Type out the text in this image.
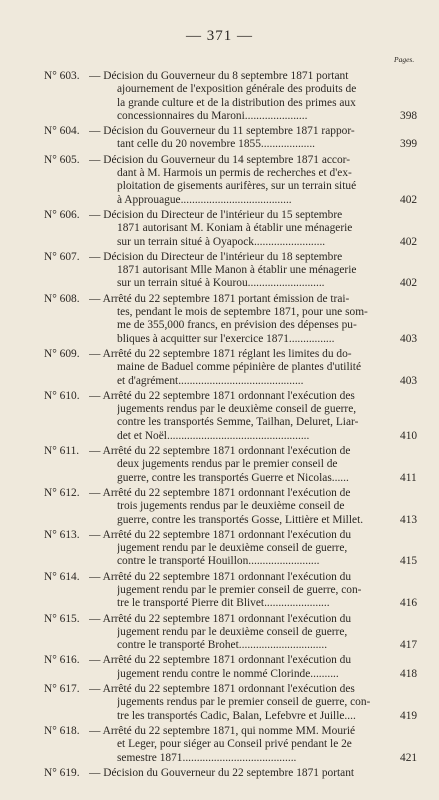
— 371 —
Pages.
N° 603. — Décision du Gouverneur du 8 septembre 1871 portant
ajournement de l'exposition générale des produits de
la grande culture et de la distribution des primes aux
concessionnaires du Maroni......................	398
N° 604. — Décision du Gouverneur du 11 septembre 1871 rappor-
tant celle du 20 novembre 1855...................	399
N° 605. — Décision du Gouverneur du 14 septembre 1871 accor-
dant à M. Harmois un permis de recherches et d'ex-
ploitation de gisements aurifères, sur un terrain situé
à Approuague.......................................	402
N° 606. — Décision du Directeur de l'intérieur du 15 septembre
1871 autorisant M. Koniam à établir une ménagerie
sur un terrain situé à Oyapock.........................	402
N° 607. — Décision du Directeur de l'intérieur du 18 septembre
1871 autorisant Mlle Manon à établir une ménagerie
sur un terrain situé à Kourou...........................	402
N° 608. — Arrêté du 22 septembre 1871 portant émission de trai-
tes, pendant le mois de septembre 1871, pour une som-
me de 355,000 francs, en prévision des dépenses pu-
bliques à acquitter sur l'exercice 1871................	403
N° 609. — Arrêté du 22 septembre 1871 réglant les limites du do-
maine de Baduel comme pépinière de plantes d'utilité
et d'agrément............................................	403
N° 610. — Arrêté du 22 septembre 1871 ordonnant l'exécution des
jugements rendus par le deuxième conseil de guerre,
contre les transportés Semme, Tailhan, Deluret, Liar-
det et Noël..................................................	410
N° 611. — Arrêté du 22 septembre 1871 ordonnant l'exécution de
deux jugements rendus par le premier conseil de
guerre, contre les transportés Guerre et Nicolas......	411
N° 612. — Arrêté du 22 septembre 1871 ordonnant l'exécution de
trois jugements rendus par le deuxième conseil de
guerre, contre les transportés Gosse, Littière et Millet.	413
N° 613. — Arrêté du 22 septembre 1871 ordonnant l'exécution du
jugement rendu par le deuxième conseil de guerre,
contre le transporté Houillon.........................	415
N° 614. — Arrêté du 22 septembre 1871 ordonnant l'exécution du
jugement rendu par le premier conseil de guerre, con-
tre le transporté Pierre dit Blivet.......................	416
N° 615. — Arrêté du 22 septembre 1871 ordonnant l'exécution du
jugement rendu par le deuxième conseil de guerre,
contre le transporté Brohet...............................	417
N° 616. — Arrêté du 22 septembre 1871 ordonnant l'exécution du
jugement rendu contre le nommé Clorinde..........	418
N° 617. — Arrêté du 22 septembre 1871 ordonnant l'exécution des
jugements rendus par le premier conseil de guerre, con-
tre les transportés Cadic, Balan, Lefebvre et Juille....	419
N° 618. — Arrêté du 22 septembre 1871, qui nomme MM. Mourié
et Leger, pour siéger au Conseil privé pendant le 2e
semestre 1871........................................	421
N° 619. — Décision du Gouverneur du 22 septembre 1871 portant
